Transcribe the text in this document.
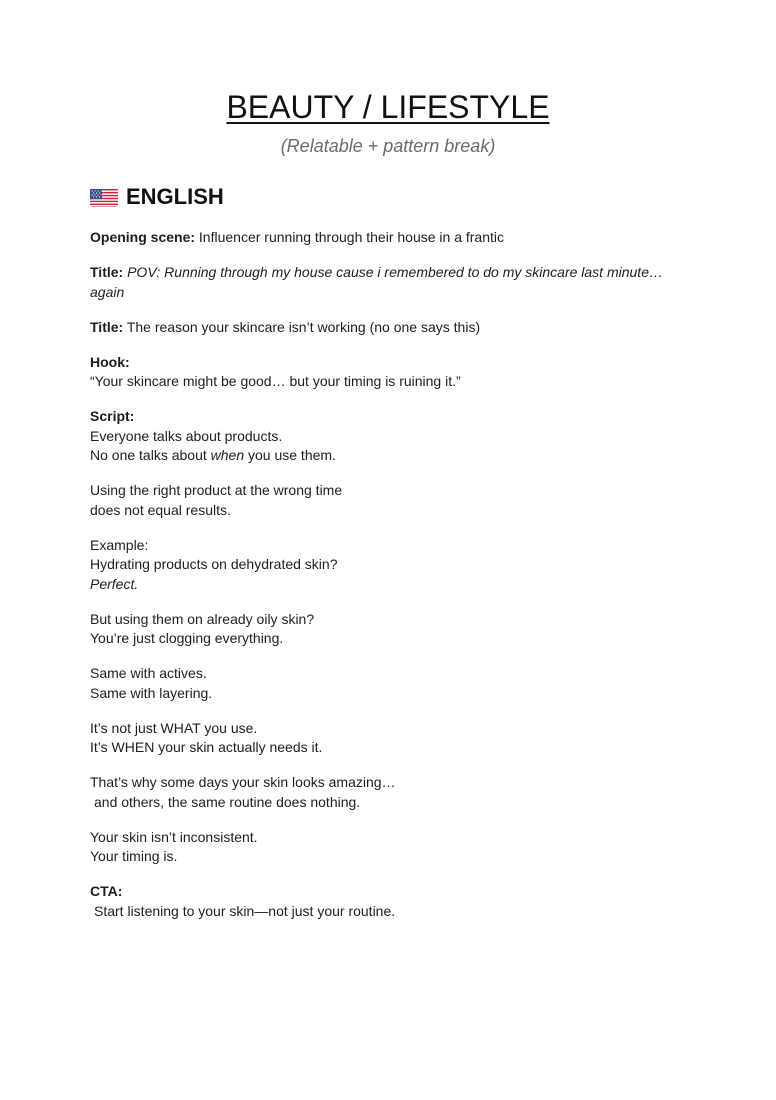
BEAUTY / LIFESTYLE
(Relatable + pattern break)
ENGLISH

Opening scene: Influencer running through their house in a frantic

Title: POV: Running through my house cause i remembered to do my skincare last minute…
again

Title: The reason your skincare isn’t working (no one says this)

Hook:
“Your skincare might be good… but your timing is ruining it.”

Script:
Everyone talks about products.
No one talks about when you use them.

Using the right product at the wrong time
does not equal results.

Example:
Hydrating products on dehydrated skin?
Perfect.

But using them on already oily skin?
You’re just clogging everything.

Same with actives.
Same with layering.

It’s not just WHAT you use.
It’s WHEN your skin actually needs it.

That’s why some days your skin looks amazing…
and others, the same routine does nothing.

Your skin isn’t inconsistent.
Your timing is.

CTA:
Start listening to your skin—not just your routine.
